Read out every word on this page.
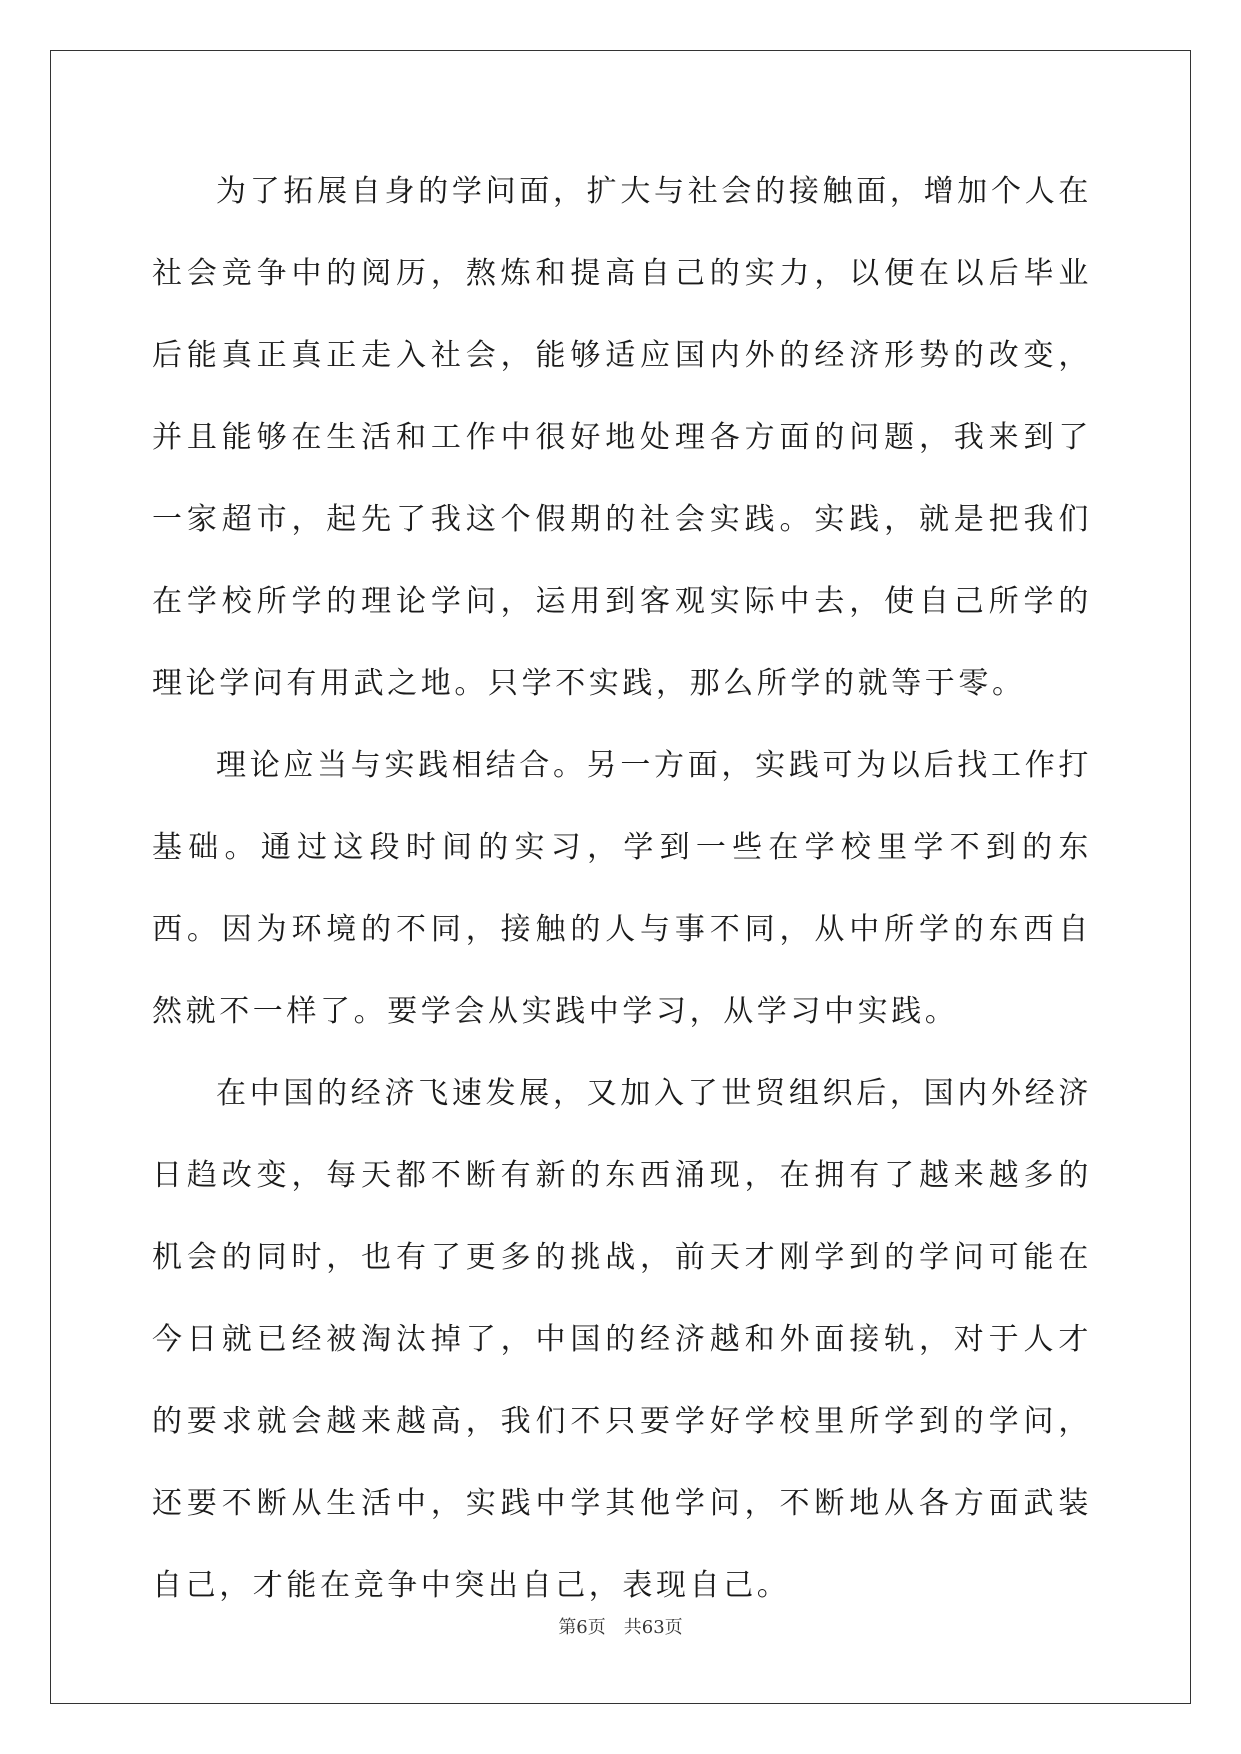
为了拓展自身的学问面，扩大与社会的接触面，增加个人在社会竞争中的阅历，熬炼和提高自己的实力，以便在以后毕业后能真正真正走入社会，能够适应国内外的经济形势的改变，并且能够在生活和工作中很好地处理各方面的问题，我来到了一家超市，起先了我这个假期的社会实践。实践，就是把我们在学校所学的理论学问，运用到客观实际中去，使自己所学的理论学问有用武之地。只学不实践，那么所学的就等于零。

理论应当与实践相结合。另一方面，实践可为以后找工作打基础。通过这段时间的实习，学到一些在学校里学不到的东西。因为环境的不同，接触的人与事不同，从中所学的东西自然就不一样了。要学会从实践中学习，从学习中实践。

在中国的经济飞速发展，又加入了世贸组织后，国内外经济日趋改变，每天都不断有新的东西涌现，在拥有了越来越多的机会的同时，也有了更多的挑战，前天才刚学到的学问可能在今日就已经被淘汰掉了，中国的经济越和外面接轨，对于人才的要求就会越来越高，我们不只要学好学校里所学到的学问，还要不断从生活中，实践中学其他学问，不断地从各方面武装自己，才能在竞争中突出自己，表现自己。

第6页 共63页
